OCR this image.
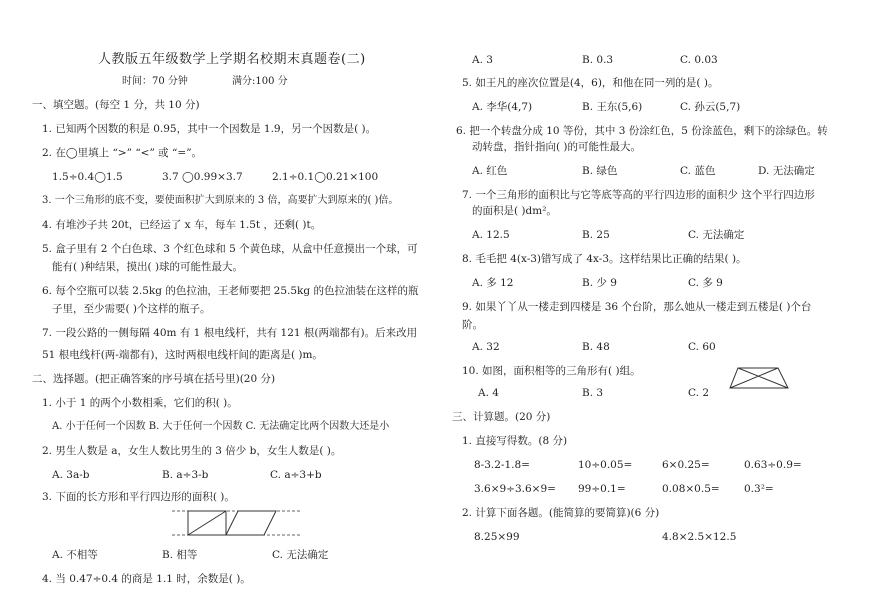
人教版五年级数学上学期名校期末真题卷(二)
时间：70 分钟	满分:100 分
一、填空题。(每空 1 分，共 10 分)
1. 已知两个因数的积是 0.95，其中一个因数是 1.9，另一个因数是( )。
2. 在◯里填上 “>” “<” 或 “=”。
1.5÷0.4◯1.5	3.7 ◯0.99×3.7	2.1÷0.1◯0.21×100
3. 一个三角形的底不变，要使面积扩大到原来的 3 倍，高要扩大到原来的( )倍。
4. 有堆沙子共 20t，已经运了 x 车，每车 1.5t ，还剩( )t。
5. 盒子里有 2 个白色球、3 个红色球和 5 个黄色球，从盒中任意摸出一个球，可
能有( )种结果，摸出( )球的可能性最大。
6. 每个空瓶可以装 2.5kg 的色拉油，王老师要把 25.5kg 的色拉油装在这样的瓶
子里，至少需要( )个这样的瓶子。
7. 一段公路的一侧每隔 40m 有 1 根电线杆，共有 121 根(两端都有)。后来改用
51 根电线杆(两-端都有)，这时两根电线杆间的距离是( )m。
二、选择题。(把正确答案的序号填在括号里)(20 分)
1. 小于 1 的两个小数相乘，它们的积( )。
A. 小于任何一个因数 B. 大于任何一个因数 C. 无法确定比两个因数大还是小
2. 男生人数是 a，女生人数比男生的 3 倍少 b，女生人数是( )。
A. 3a-b	B. a÷3-b	C. a÷3+b
3. 下面的长方形和平行四边形的面积( )。
A. 不相等	B. 相等	C. 无法确定
4. 当 0.47÷0.4 的商是 1.1 时，余数是( )。
A. 3	B. 0.3	C. 0.03
5. 如王凡的座次位置是(4，6)，和他在同一列的是( )。
A. 李华(4,7)	B. 王东(5,6)	C. 孙云(5,7)
6. 把一个转盘分成 10 等份，其中 3 份涂红色，5 份涂蓝色，剩下的涂绿色。转
动转盘，指针指向( )的可能性最大。
A. 红色	B. 绿色	C. 蓝色	D. 无法确定
7. 一个三角形的面积比与它等底等高的平行四边形的面积少 这个平行四边形
的面积是( )dm²。
A. 12.5	B. 25	C. 无法确定
8. 毛毛把 4(x-3)错写成了 4x-3。这样结果比正确的结果( )。
A. 多 12	B. 少 9	C. 多 9
9. 如果丫丫从一楼走到四楼是 36 个台阶，那么她从一楼走到五楼是( )个台
阶。
A. 32	B. 48	C. 60
10. 如图，面积相等的三角形有( )组。
A. 4	B. 3	C. 2
三、计算题。(20 分)
1. 直接写得数。(8 分)
8-3.2-1.8=	10÷0.05=	6×0.25=	0.63÷0.9=
3.6×9÷3.6×9= 99÷0.1=	0.08×0.5= 0.3²=
2. 计算下面各题。(能简算的要简算)(6 分)
8.25×99	4.8×2.5×12.5
